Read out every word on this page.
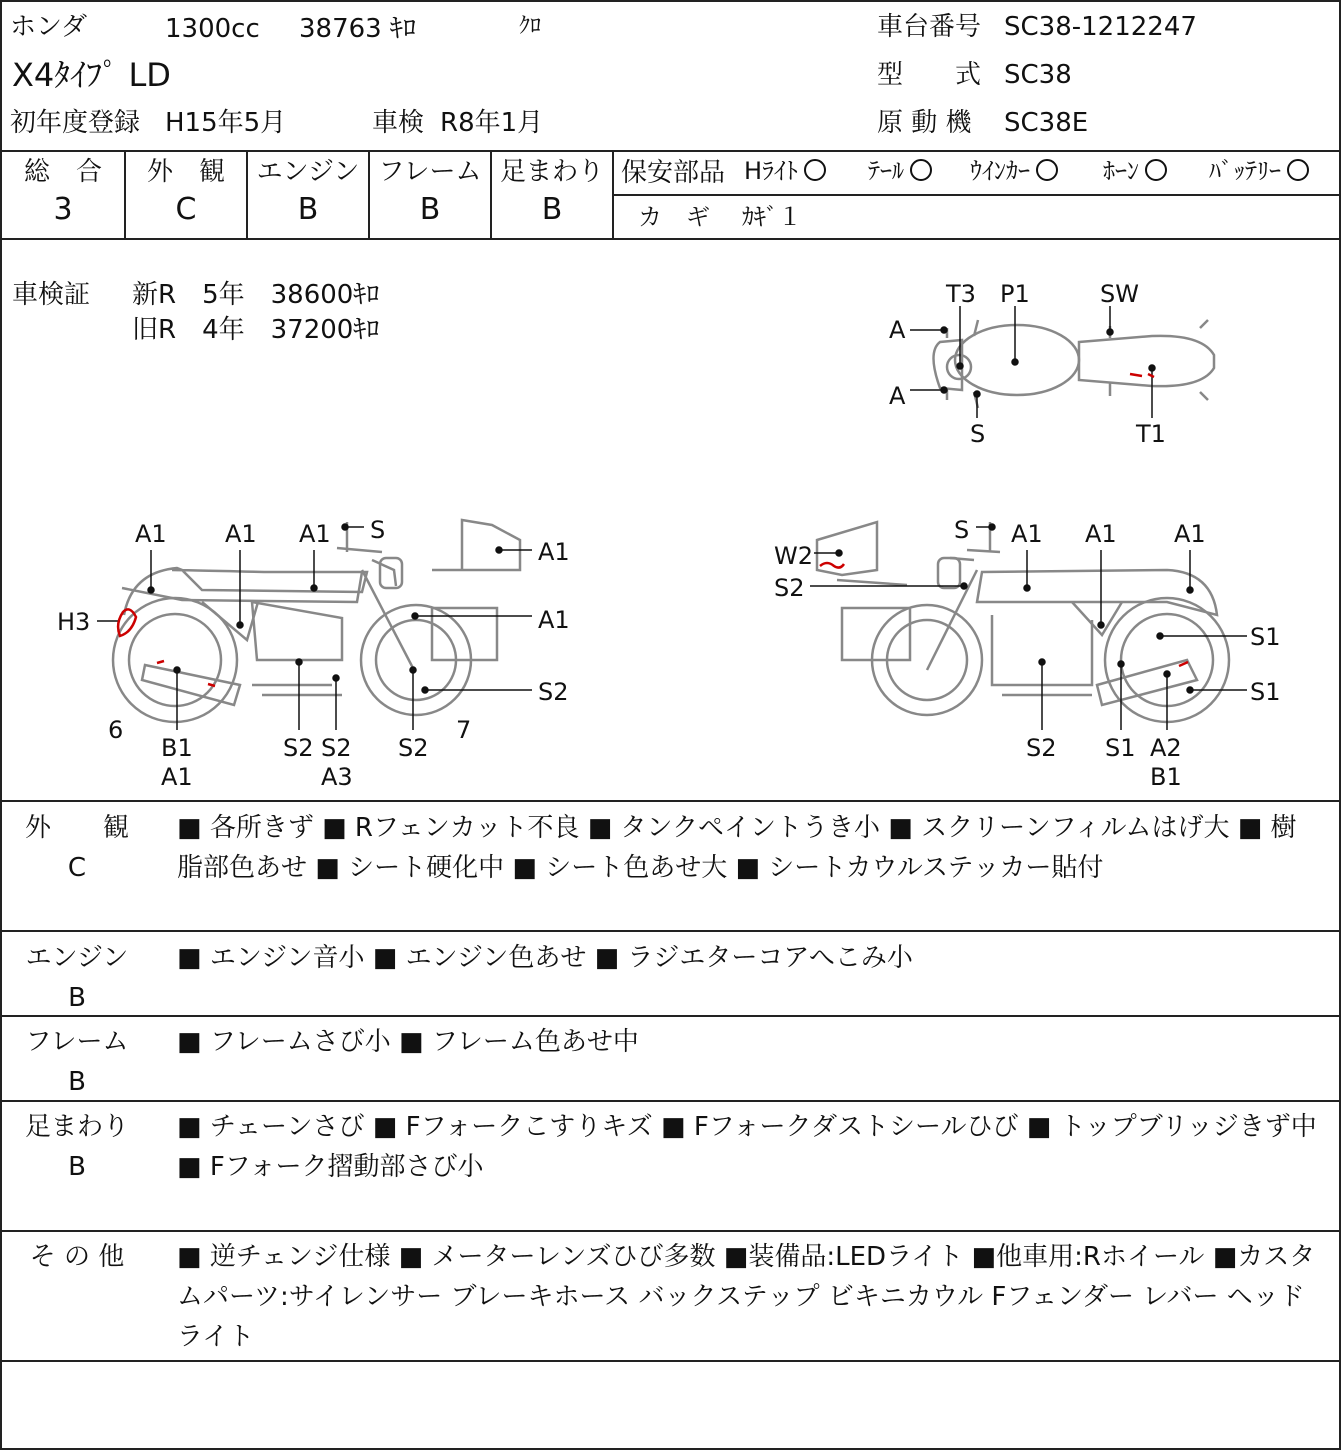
ホンダ	1300cc 38763 ｷﾛ	ｸﾛ
X4ﾀｲﾌﾟ LD
初年度登録 H15年5月	車検 R8年1月
車台番号 SC38-1212247
型　　式 SC38
原 動 機 SC38E
総　合
3
外　観
C
エンジン
B
フレーム
B
足まわり
B
保安部品 Hﾗｲﾄ	ﾃｰﾙ	ｳｲﾝｶｰ	ﾎｰﾝ	ﾊﾞｯﾃﾘｰ
カ　ギ ｶｷﾞ１
車検証 新R　5年　38600ｷﾛ
旧R　4年　37200ｷﾛ
T3 P1	SW
A
A
S	T1
A1 A1 A1 S
A1
H3	A1
S2
6
B1
A1
S2 S2
A3
S2
7
S A1 A1 A1
W2
S2
S1
S1
S2 S1 A2
B1
外　　観
C
■ 各所きず ■ Rフェンカット不良 ■ タンクペイントうき小 ■ スクリーンフィルムはげ大 ■ 樹脂部色あせ ■ シート硬化中 ■ シート色あせ大 ■ シートカウルステッカー貼付
エンジン
B
■ エンジン音小 ■ エンジン色あせ ■ ラジエターコアへこみ小
フレーム
B
■ フレームさび小 ■ フレーム色あせ中
足まわり
B
■ チェーンさび ■ Fフォークこすりキズ ■ Fフォークダストシールひび ■ トップブリッジきず中 ■ Fフォーク摺動部さび小
そ の 他 ■ 逆チェンジ仕様 ■ メーターレンズひび多数 ■装備品:LEDライト ■他車用:Rホイール ■カスタムパーツ:サイレンサー ブレーキホース バックステップ ビキニカウル Fフェンダー レバー ヘッドライト
